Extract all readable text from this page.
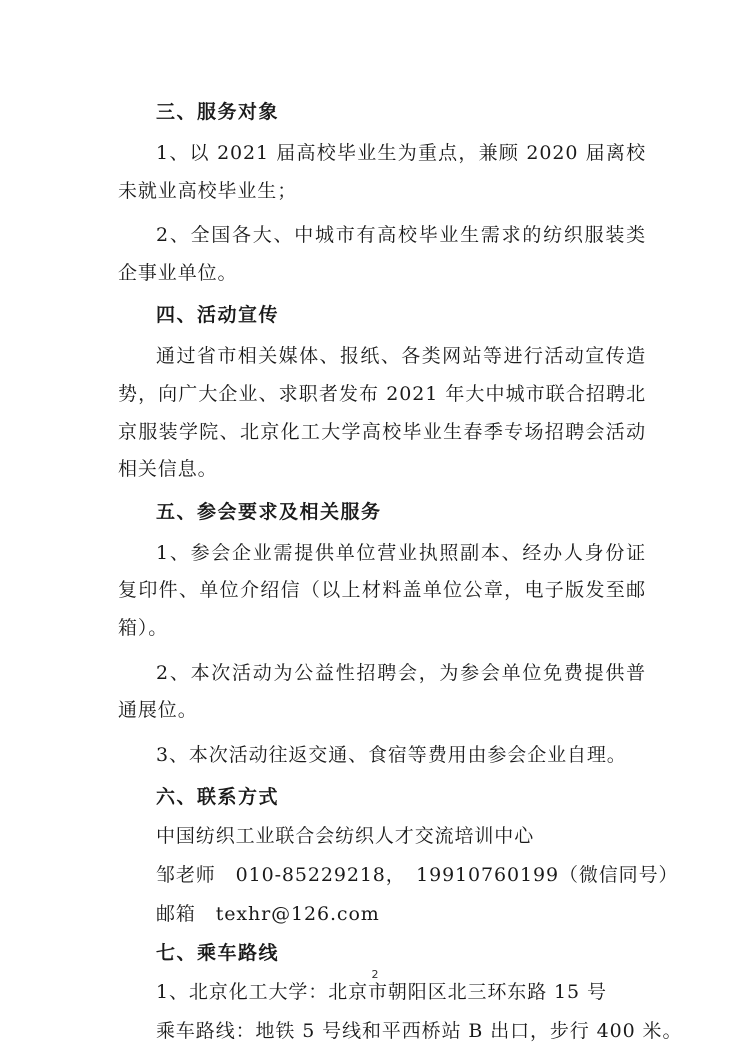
三、服务对象

1、以 2021 届高校毕业生为重点，兼顾 2020 届离校未就业高校毕业生；

2、全国各大、中城市有高校毕业生需求的纺织服装类企事业单位。

四、活动宣传

通过省市相关媒体、报纸、各类网站等进行活动宣传造势，向广大企业、求职者发布 2021 年大中城市联合招聘北京服装学院、北京化工大学高校毕业生春季专场招聘会活动相关信息。

五、参会要求及相关服务

1、参会企业需提供单位营业执照副本、经办人身份证复印件、单位介绍信（以上材料盖单位公章，电子版发至邮箱）。

2、本次活动为公益性招聘会，为参会单位免费提供普通展位。

3、本次活动往返交通、食宿等费用由参会企业自理。

六、联系方式
中国纺织工业联合会纺织人才交流培训中心
邹老师　010-85229218，　19910760199（微信同号）
邮箱　texhr@126.com
七、乘车路线
1、北京化工大学：北京市朝阳区北三环东路 15 号
乘车路线：地铁 5 号线和平西桥站 B 出口，步行 400 米。
2
